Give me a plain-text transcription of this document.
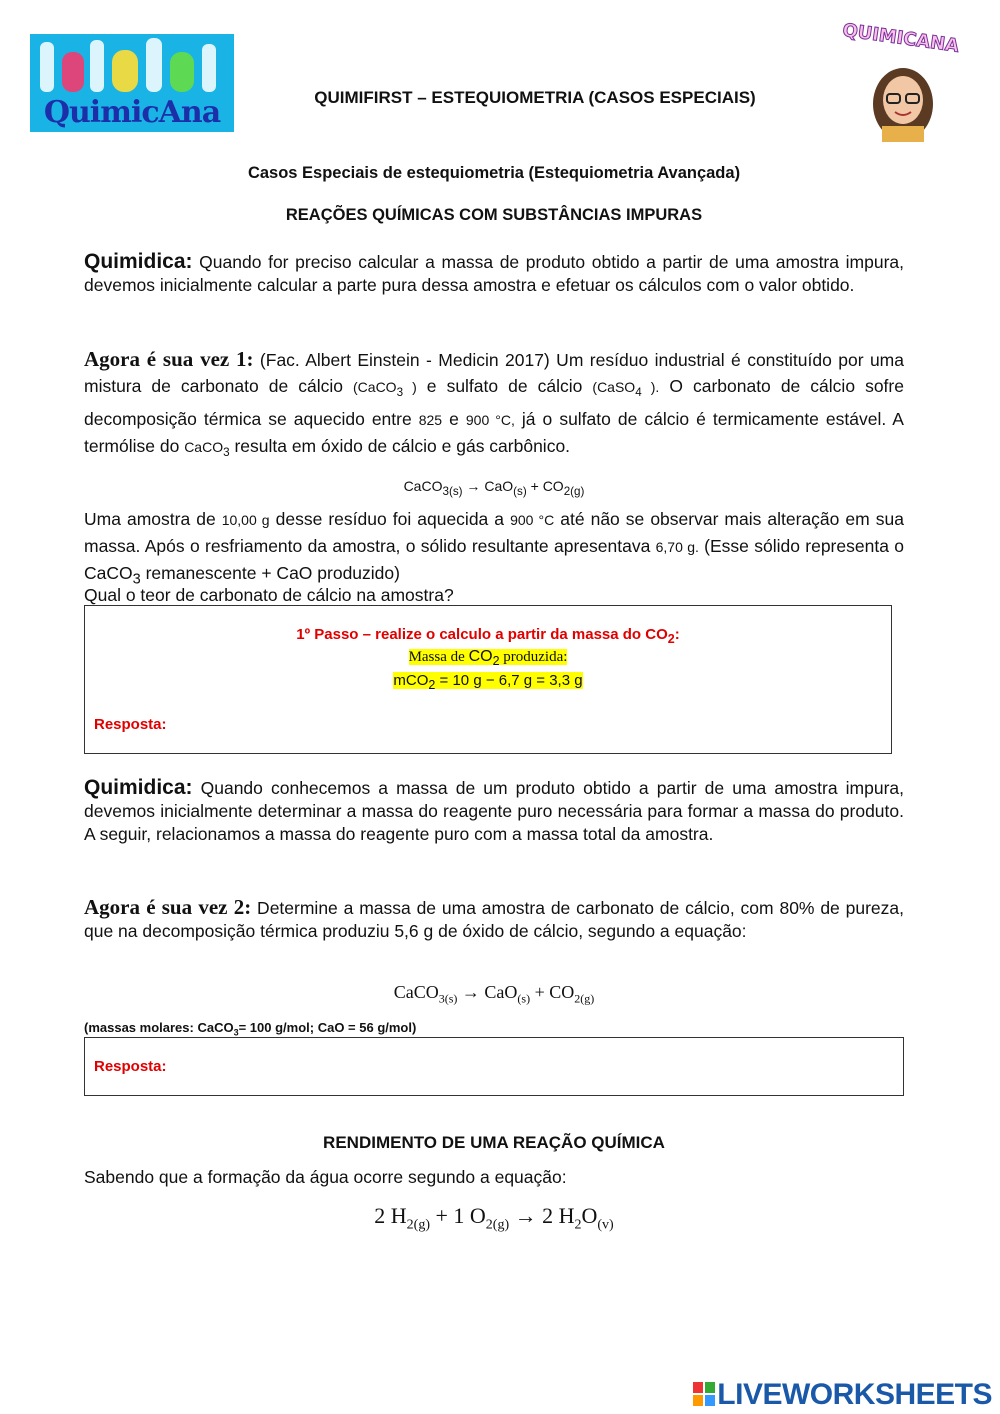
QuimicAna	QUIMIFIRST – ESTEQUIOMETRIA (CASOS ESPECIAIS)
QUIMICANA
Casos Especiais de estequiometria (Estequiometria Avançada)
REAÇÕES QUÍMICAS COM SUBSTÂNCIAS IMPURAS
Quimidica: Quando for preciso calcular a massa de produto obtido a partir de uma amostra impura, devemos inicialmente calcular a parte pura dessa amostra e efetuar os cálculos com o valor obtido.
Agora é sua vez 1: (Fac. Albert Einstein - Medicin 2017) Um resíduo industrial é constituído por uma mistura de carbonato de cálcio (CaCO$_3$ ) e sulfato de cálcio (CaSO$_4$ ). O carbonato de cálcio sofre decomposição térmica se aquecido entre 825 e 900 °C, já o sulfato de cálcio é termicamente estável. A termólise do CaCO$_3$ resulta em óxido de cálcio e gás carbônico.
CaCO$_{3(s)}$ → $CaO_{(s)} + CO_{2(g)}$
Uma amostra de 10,00 g desse resíduo foi aquecida a 900 °C até não se observar mais alteração em sua massa. Após o resfriamento da amostra, o sólido resultante apresentava 6,70 g. (Esse sólido representa o CaCO$_3$ remanescente + CaO produzido)
Qual o teor de carbonato de cálcio na amostra?
1º Passo – realize o calculo a partir da massa do $CO_2$:
Massa de $CO_2$ produzida:
mCO$_2$ = 10 g − 6,7 g = 3,3 g
Resposta:
Quimidica: Quando conhecemos a massa de um produto obtido a partir de uma amostra impura, devemos inicialmente determinar a massa do reagente puro necessária para formar a massa do produto. A seguir, relacionamos a massa do reagente puro com a massa total da amostra.
Agora é sua vez 2: Determine a massa de uma amostra de carbonato de cálcio, com 80% de pureza, que na decomposição térmica produziu 5,6 g de óxido de cálcio, segundo a equação:
CaCO$_{3(s)}$ → $CaO_{(s)} + CO_{2(g)}$
(massas molares: CaCO$_3$= 100 g/mol; CaO = 56 g/mol)
Resposta:
RENDIMENTO DE UMA REAÇÃO QUÍMICA
Sabendo que a formação da água ocorre segundo a equação:
2 $H_{2(g)} + 1$ $O_{2(g)} \to 2$ $H_2O_{(v)}$
LIVEWORKSHEETS
